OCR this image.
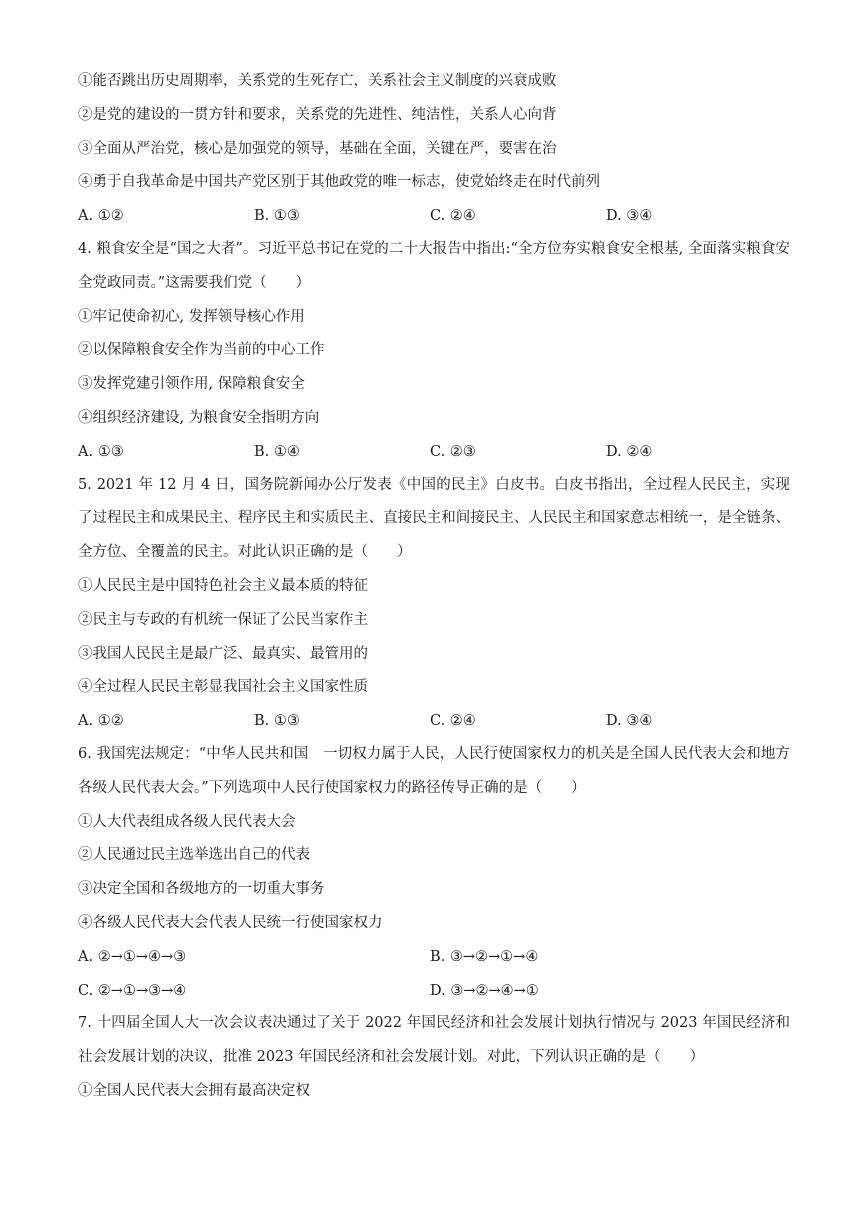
①能否跳出历史周期率，关系党的生死存亡，关系社会主义制度的兴衰成败
②是党的建设的一贯方针和要求，关系党的先进性、纯洁性，关系人心向背
③全面从严治党，核心是加强党的领导，基础在全面，关键在严，要害在治
④勇于自我革命是中国共产党区别于其他政党的唯一标志，使党始终走在时代前列
A. ①②	B. ①③	C. ②④	D. ③④
4. 粮食安全是“国之大者”。习近平总书记在党的二十大报告中指出:“全方位夯实粮食安全根基, 全面落实粮食安全党政同责。”这需要我们党（　　）
①牢记使命初心, 发挥领导核心作用
②以保障粮食安全作为当前的中心工作
③发挥党建引领作用, 保障粮食安全
④组织经济建设, 为粮食安全指明方向
A. ①③	B. ①④	C. ②③	D. ②④
5. 2021 年 12 月 4 日，国务院新闻办公厅发表《中国的民主》白皮书。白皮书指出，全过程人民民主，实现了过程民主和成果民主、程序民主和实质民主、直接民主和间接民主、人民民主和国家意志相统一，是全链条、全方位、全覆盖的民主。对此认识正确的是（　　）
①人民民主是中国特色社会主义最本质的特征
②民主与专政的有机统一保证了公民当家作主
③我国人民民主是最广泛、最真实、最管用的
④全过程人民民主彰显我国社会主义国家性质
A. ①②	B. ①③	C. ②④	D. ③④
6. 我国宪法规定：“中华人民共和国　一切权力属于人民，人民行使国家权力的机关是全国人民代表大会和地方各级人民代表大会。”下列选项中人民行使国家权力的路径传导正确的是（　　）
①人大代表组成各级人民代表大会
②人民通过民主选举选出自己的代表
③决定全国和各级地方的一切重大事务
④各级人民代表大会代表人民统一行使国家权力
A. ②→①→④→③	B. ③→②→①→④
C. ②→①→③→④	D. ③→②→④→①
7. 十四届全国人大一次会议表决通过了关于 2022 年国民经济和社会发展计划执行情况与 2023 年国民经济和社会发展计划的决议，批准 2023 年国民经济和社会发展计划。对此，下列认识正确的是（　　）
①全国人民代表大会拥有最高决定权
